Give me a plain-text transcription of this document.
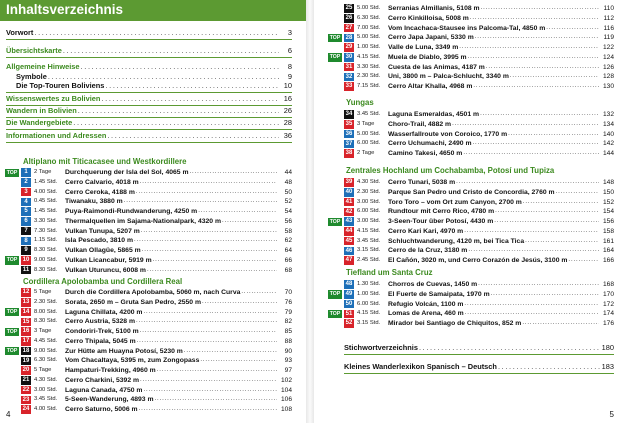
Inhaltsverzeichnis
Vorwort . . .	3
Übersichtskarte . . .	6
Allgemeine Hinweise . . .	8
Symbole . . .	9
Die Top-Touren Boliviens . . .	10
Wissenswertes zu Bolivien . . .	16
Wandern in Bolivien . . .	26
Die Wandergebiete . . .	28
Informationen und Adressen . . .	36
Altiplano mit Titicacasee und Westkordillere
TOP	1	2 Tage	Durchquerung der Isla del Sol, 4065 m . . .	44
2	1.45 Std.	Cerro Calvario, 4018 m . . .	48
3	4.00 Std.	Cerro Ceroka, 4188 m . . .	50
4	0.45 Std.	Tiwanaku, 3880 m . . .	52
5	1.45 Std.	Puya-Raimondi-Rundwanderung, 4250 m . . .	54
6	3.30 Std.	Thermalquellen im Sajama-Nationalpark, 4320 m . . .	56
7	7.30 Std.	Vulkan Tunupa, 5207 m . . .	58
8	1.15 Std.	Isla Pescado, 3810 m . . .	62
9	8.30 Std.	Vulkan Ollagüe, 5865 m . . .	64
TOP 10 9.00 Std.	Vulkan Licancabur, 5919 m . . .	66
11 8.30 Std.	Vulkan Uturuncu, 6008 m . . .	68
Cordillera Apolobamba und Cordillera Real
12 5 Tage	Durch die Cordillera Apolobamba, 5060 m, nach Curva . . .	70
13 2.30 Std.	Sorata, 2650 m – Gruta San Pedro, 2550 m . . .	76
TOP 14 8.00 Std.	Laguna Chillata, 4200 m . . .	79
15 8.30 Std.	Cerro Austria, 5328 m . . .	82
TOP 16 3 Tage	Condoriri-Trek, 5100 m . . .	85
17 4.45 Std.	Cerro Thipala, 5045 m . . .	88
TOP 18 9.00 Std.	Zur Hütte am Huayna Potosí, 5230 m . . .	90
19 6.30 Std.	Vom Chacaltaya, 5395 m, zum Zongopass . . .	93
20 5 Tage	Hampaturi-Trekking, 4960 m . . .	97
21 4.30 Std.	Cerro Charkini, 5392 m . . .	102
22 3.00 Std.	Laguna Canada, 4750 m . . .	104
23 3.45 Std.	5-Seen-Wanderung, 4893 m . . .	106
24 4.00 Std.	Cerro Saturno, 5006 m . . .	108
4
25 5.00 Std.	Serranias Almillanis, 5108 m . . .	110
26 6.30 Std.	Cerro Kinkilloisa, 5008 m . . .	112
27 7.00 Std.	Vom Incachaca-Stausee ins Palcoma-Tal, 4850 m . . .	116
TOP 28 5.00 Std.	Cerro Japa Japani, 5330 m . . .	119
29 1.00 Std.	Valle de Luna, 3349 m . . .	122
TOP 30 4.15 Std.	Muela de Diablo, 3995 m . . .	124
31 3.30 Std.	Cuesta de las Animas, 4187 m . . .	126
32 2.30 Std.	Uni, 3800 m – Palca-Schlucht, 3340 m . . .	128
33 7.15 Std.	Cerro Altar Khalla, 4968 m . . .	130
Yungas
34 3.45 Std.	Laguna Esmeraldas, 4501 m . . .	132
35 3 Tage	Choro-Trail, 4882 m . . .	134
36 5.00 Std.	Wasserfallroute von Coroico, 1770 m . . .	140
37 6.00 Std.	Cerro Uchumachi, 2490 m . . .	142
38 2 Tage	Camino Takesi, 4650 m . . .	144
Zentrales Hochland um Cochabamba, Potosí und Tupiza
39 4.30 Std.	Cerro Tunari, 5038 m . . .	148
40 2.30 Std.	Parque San Pedro und Cristo de Concordia, 2760 m . . .	150
41 3.00 Std.	Toro Toro – vom Ort zum Canyon, 2700 m . . .	152
42 6.00 Std.	Rundtour mit Cerro Rico, 4780 m . . .	154
TOP 43 3.00 Std.	3-Seen-Tour über Potosí, 4430 m . . .	156
44 4.15 Std.	Cerro Kari Kari, 4970 m . . .	158
45 3.45 Std.	Schluchtwanderung, 4120 m, bei Tica Tica . . .	161
46 3.15 Std.	Cerro de la Cruz, 3180 m . . .	164
47 2.45 Std.	El Cañón, 3020 m, und Cerro Corazón de Jesús, 3100 m . . .	166
Tiefland um Santa Cruz
48 1.30 Std.	Chorros de Cuevas, 1450 m . . .	168
TOP 49 1.00 Std.	El Fuerte de Samaipata, 1970 m . . .	170
50 6.00 Std.	Refugio Volcán, 1100 m . . .	172
TOP 51 4.15 Std.	Lomas de Arena, 460 m . . .	174
52 3.15 Std.	Mirador bei Santiago de Chiquitos, 852 m . . .	176
Stichwortverzeichnis . . .	180
Kleines Wanderlexikon Spanisch – Deutsch . . .	183
5
